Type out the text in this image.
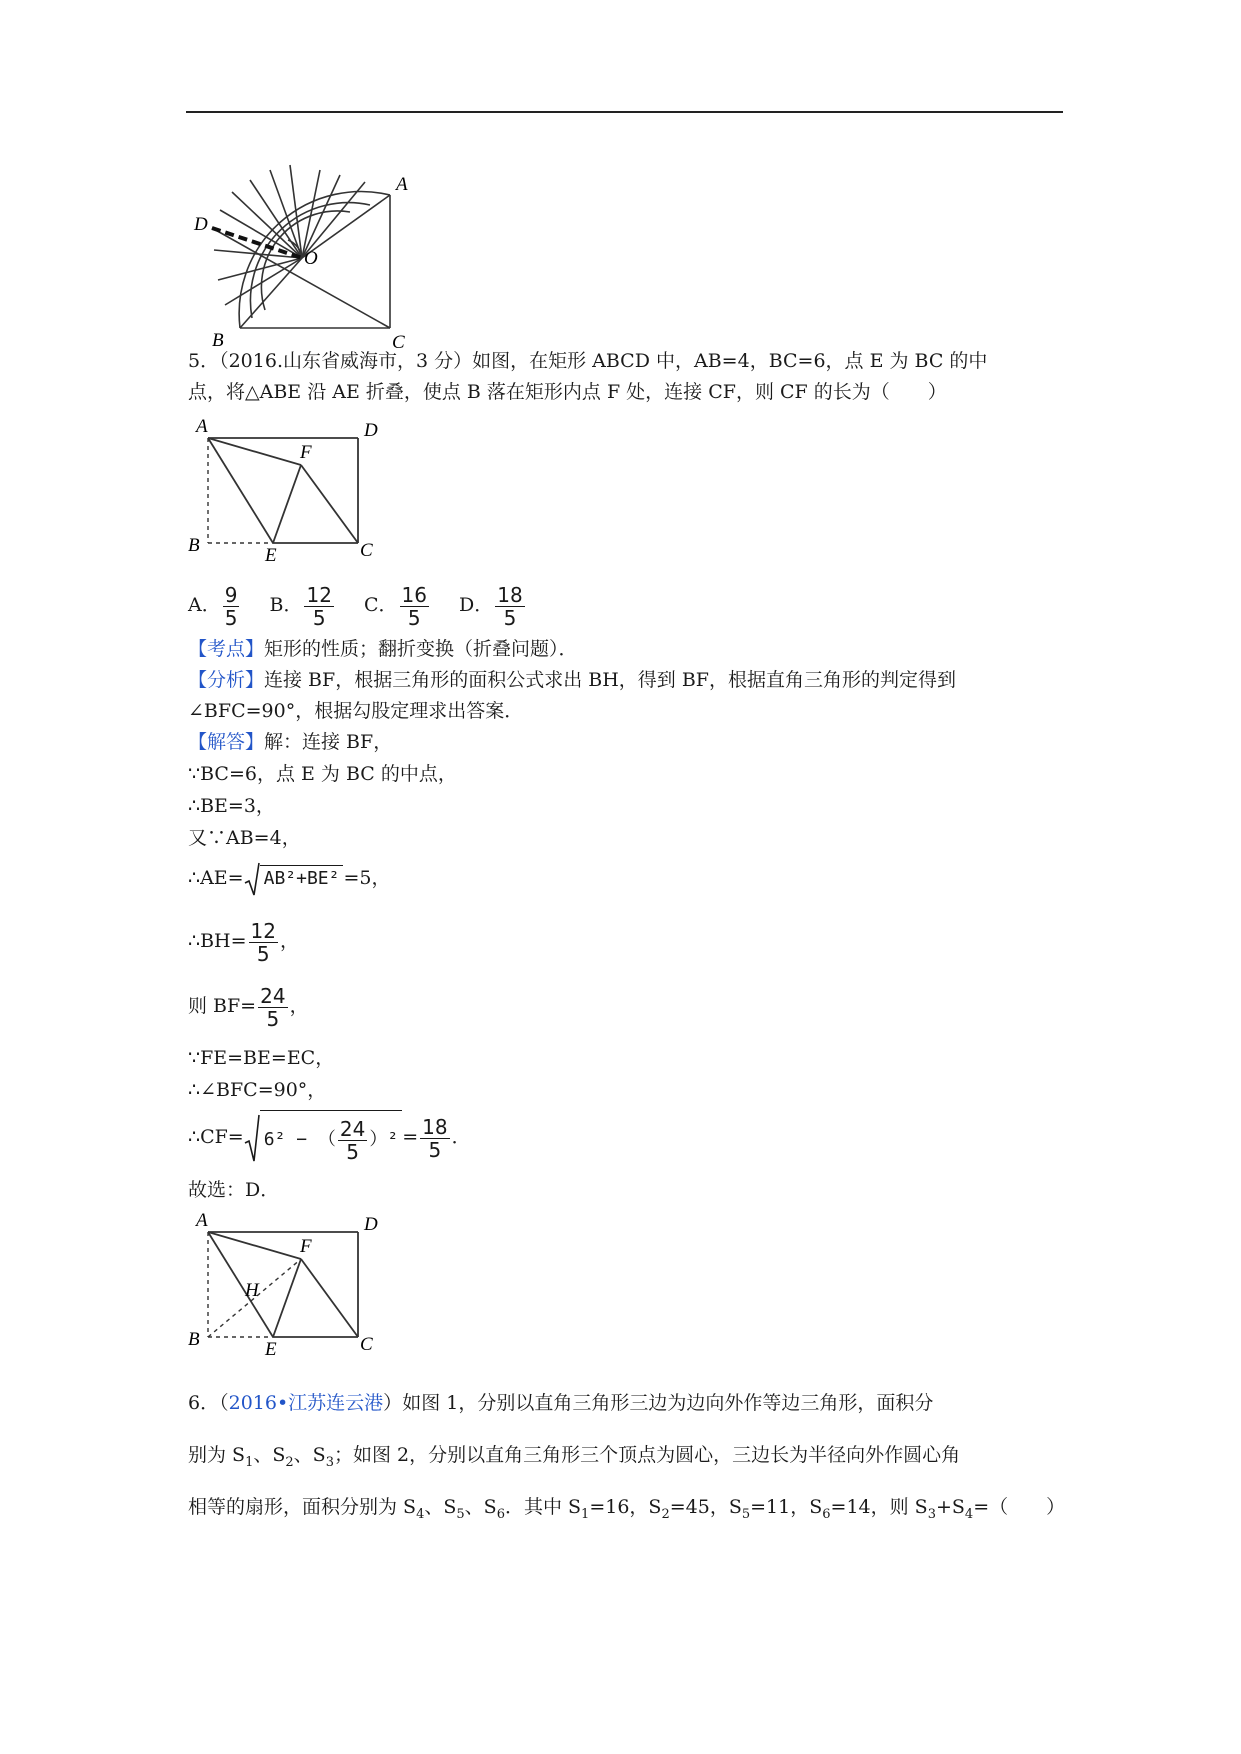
A
D
O
B	C
5．（2016.山东省威海市，3 分）如图，在矩形 ABCD 中，AB=4，BC=6，点 E 为 BC 的中
点，将△ABE 沿 AE 折叠，使点 B 落在矩形内点 F 处，连接 CF，则 CF 的长为（　　）
A	D
F
B	E	C
A． $\frac{9}{5}$ B． $\frac{12}{5}$ C． $\frac{16}{5}$ D． $\frac{18}{5}$
【考点】矩形的性质；翻折变换（折叠问题）．
【分析】连接 BF，根据三角形的面积公式求出 BH，得到 BF，根据直角三角形的判定得到
∠BFC=90°，根据勾股定理求出答案．
【解答】解：连接 BF，
∵BC=6，点 E 为 BC 的中点，
∴BE=3，
又∵AB=4，
∴AE= AB²+BE² =5，
∴BH= $\frac{12}{5}$ ，
则 $BF= \frac{24}{5}$ ，
∵FE=BE=EC，
∴∠BFC=90°，
∴CF= 6² − （ $\frac{24}{5} )^2 = \frac{18}{5}$ ．
故选：D．
A	D
F
H
B	E	C
6．（2016•江苏连云港）如图 1，分别以直角三角形三边为边向外作等边三角形，面积分
别为 $S_1$、$S_2$、$S_3$；如图 2，分别以直角三角形三个顶点为圆心，三边长为半径向外作圆心角
相等的扇形，面积分别为 $S_4$、$S_5$、$S_6$．其中 $S_1=16$，$S_2=45$，$S_5=11$，$S_6=14$，则 $S_3+S_4=$（　　）
